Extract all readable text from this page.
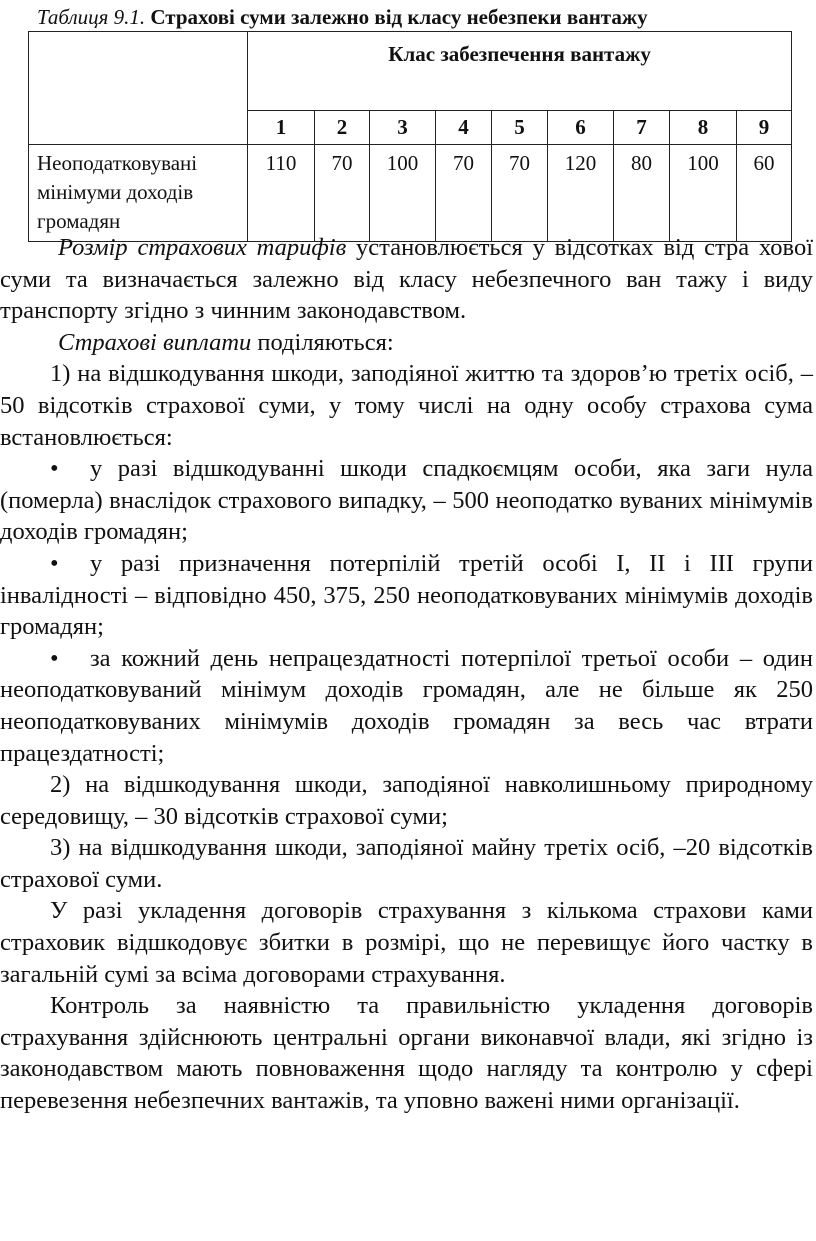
Таблиця 9.1. Страхові суми залежно від класу небезпеки вантажу
	Клас забезпечення вантажу								
	1	2	3	4	5	6	7	8	9
Неоподатковувані мінімуми доходів громадян	110	70	100	70	70	120	80	100	60

Розмір страхових тарифів установлюється у відсотках від стра хової суми та визначається залежно від класу небезпечного ван тажу і виду транспорту згідно з чинним законодавством.

Страхові виплати поділяються:

1) на відшкодування шкоди, заподіяної життю та здоров’ю третіх осіб, – 50 відсотків страхової суми, у тому числі на одну особу страхова сума встановлюється:

• у разі відшкодуванні шкоди спадкоємцям особи, яка заги нула (померла) внаслідок страхового випадку, – 500 неоподатко вуваних мінімумів доходів громадян;

• у разі призначення потерпілій третій особі I, II і III групи інвалідності – відповідно 450, 375, 250 неоподатковуваних мінімумів доходів громадян;

• за кожний день непрацездатності потерпілої третьої особи – один неоподатковуваний мінімум доходів громадян, але не більше як 250 неоподатковуваних мінімумів доходів громадян за весь час втрати працездатності;

2) на відшкодування шкоди, заподіяної навколишньому природному середовищу, – 30 відсотків страхової суми;

3) на відшкодування шкоди, заподіяної майну третіх осіб, –20 відсотків страхової суми.

У разі укладення договорів страхування з кількома страхови ками страховик відшкодовує збитки в розмірі, що не перевищує його частку в загальній сумі за всіма договорами страхування.

Контроль за наявністю та правильністю укладення договорів страхування здійснюють центральні органи виконавчої влади, які згідно із законодавством мають повноваження щодо нагляду та контролю у сфері перевезення небезпечних вантажів, та уповно важені ними організації.
